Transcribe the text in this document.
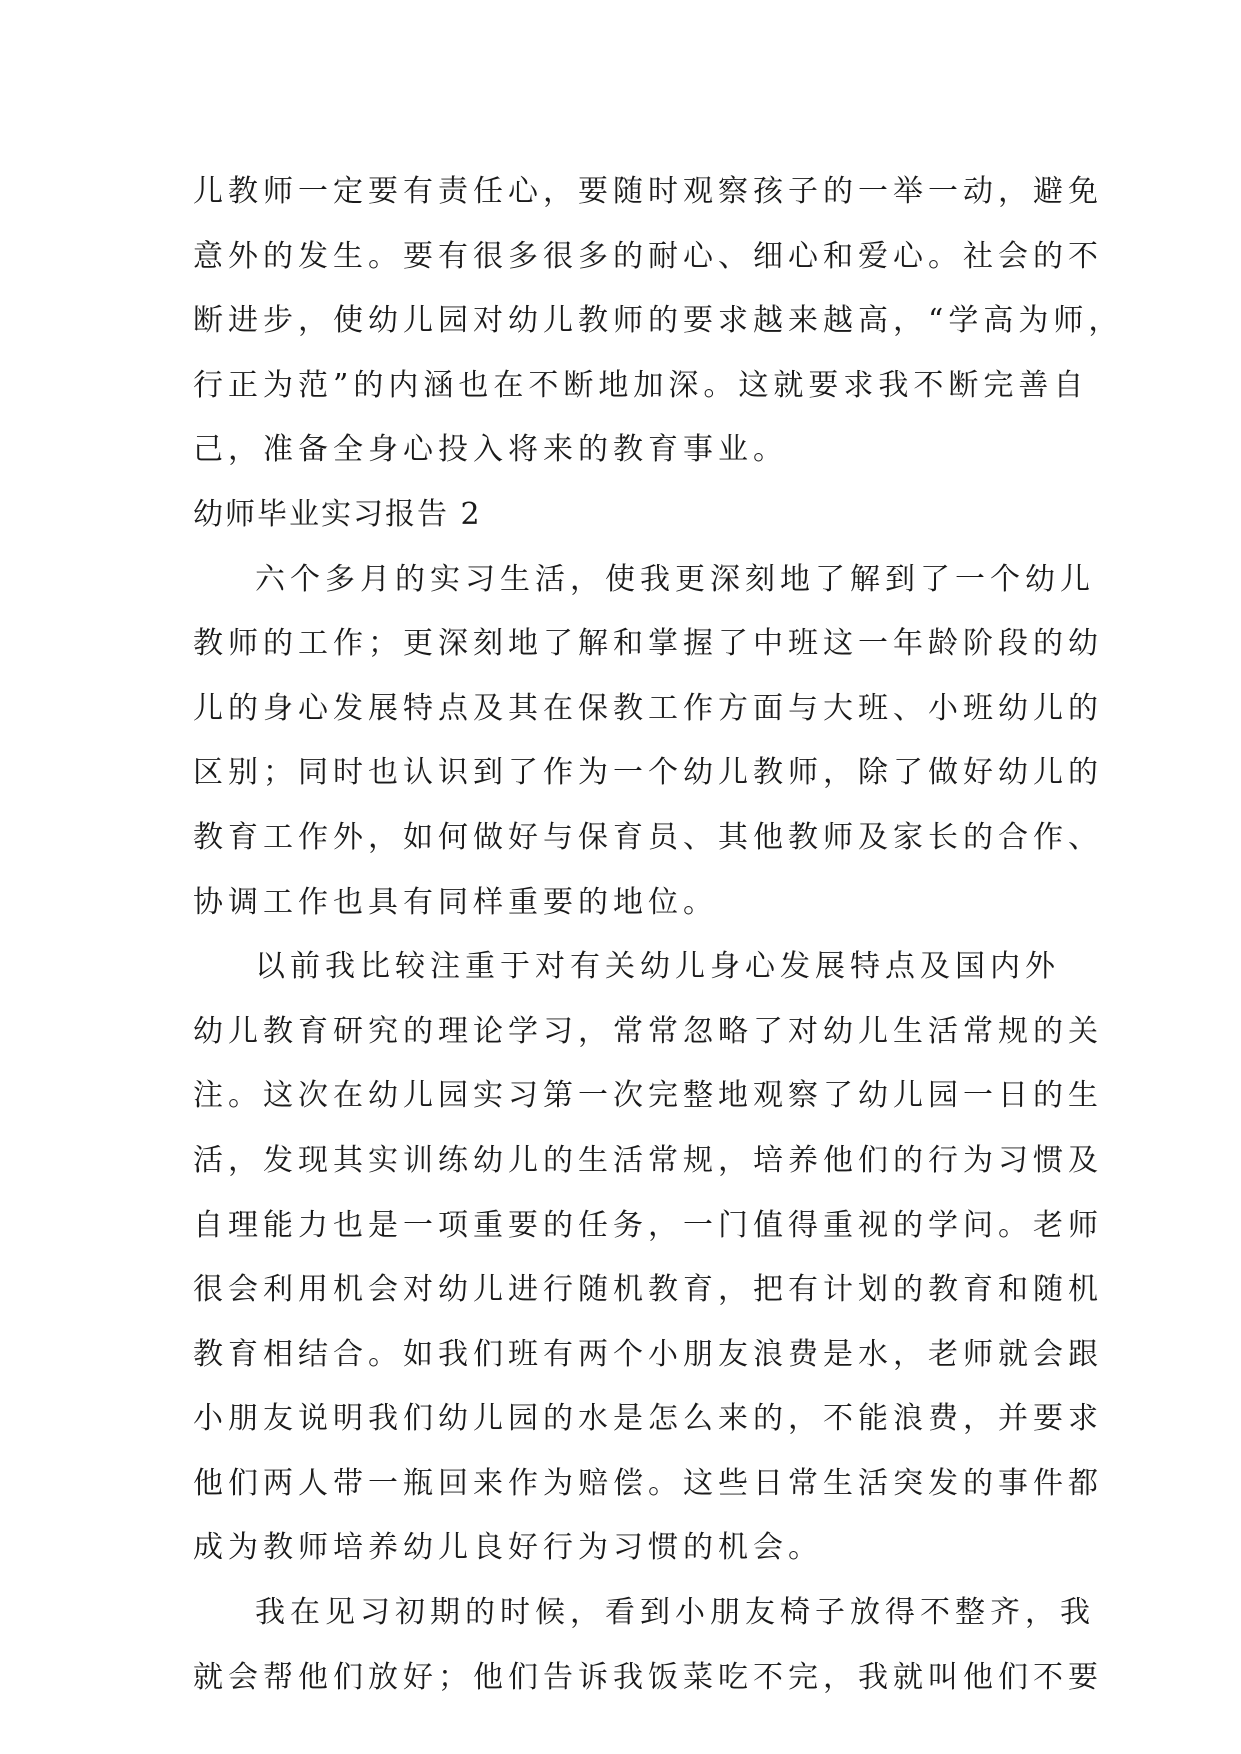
儿教师一定要有责任心，要随时观察孩子的一举一动，避免
意外的发生。要有很多很多的耐心、细心和爱心。社会的不
断进步，使幼儿园对幼儿教师的要求越来越高，“学高为师，
行正为范”的内涵也在不断地加深。这就要求我不断完善自
己，准备全身心投入将来的教育事业。
幼师毕业实习报告 2
六个多月的实习生活，使我更深刻地了解到了一个幼儿
教师的工作；更深刻地了解和掌握了中班这一年龄阶段的幼
儿的身心发展特点及其在保教工作方面与大班、小班幼儿的
区别；同时也认识到了作为一个幼儿教师，除了做好幼儿的
教育工作外，如何做好与保育员、其他教师及家长的合作、
协调工作也具有同样重要的地位。
以前我比较注重于对有关幼儿身心发展特点及国内外
幼儿教育研究的理论学习，常常忽略了对幼儿生活常规的关
注。这次在幼儿园实习第一次完整地观察了幼儿园一日的生
活，发现其实训练幼儿的生活常规，培养他们的行为习惯及
自理能力也是一项重要的任务，一门值得重视的学问。老师
很会利用机会对幼儿进行随机教育，把有计划的教育和随机
教育相结合。如我们班有两个小朋友浪费是水，老师就会跟
小朋友说明我们幼儿园的水是怎么来的，不能浪费，并要求
他们两人带一瓶回来作为赔偿。这些日常生活突发的事件都
成为教师培养幼儿良好行为习惯的机会。
我在见习初期的时候，看到小朋友椅子放得不整齐，我
就会帮他们放好；他们告诉我饭菜吃不完，我就叫他们不要
